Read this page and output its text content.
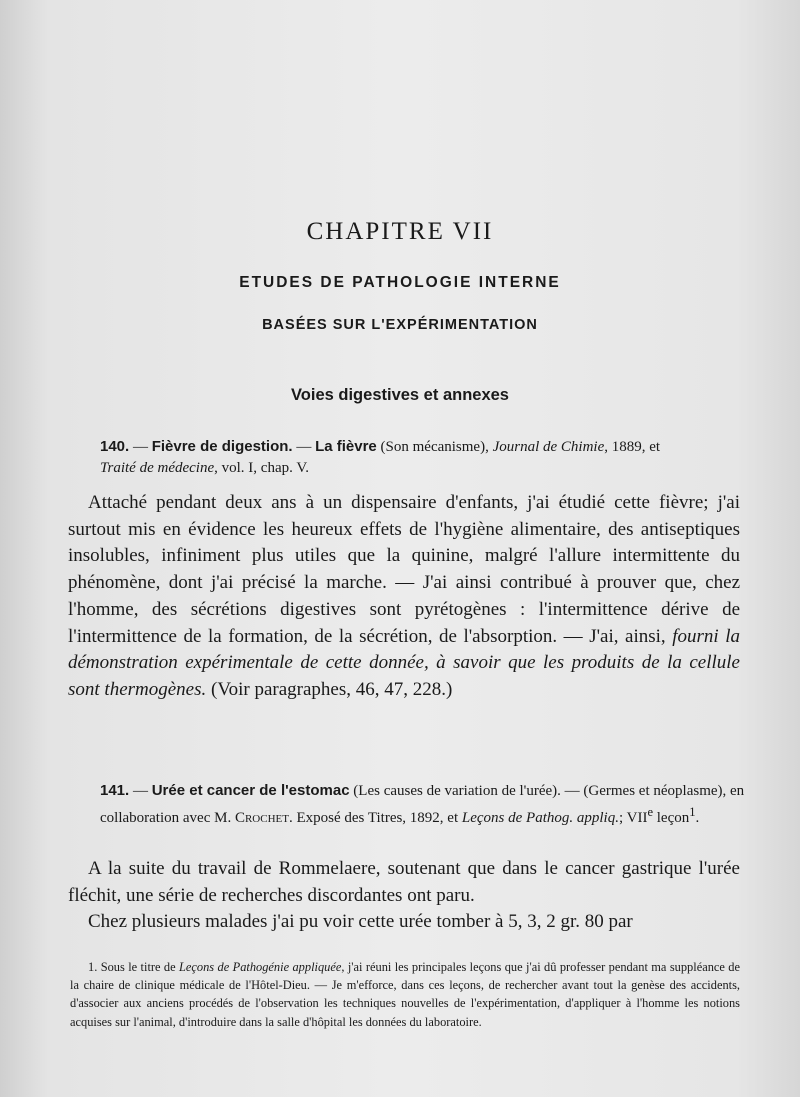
CHAPITRE VII
ETUDES DE PATHOLOGIE INTERNE
BASÉES SUR L'EXPÉRIMENTATION
Voies digestives et annexes
140. — Fièvre de digestion. — La fièvre (Son mécanisme), Journal de Chimie, 1889, et
Traité de médecine, vol. I, chap. V.
Attaché pendant deux ans à un dispensaire d'enfants, j'ai étudié cette fièvre; j'ai surtout mis en évidence les heureux effets de l'hygiène alimentaire, des antiseptiques insolubles, infiniment plus utiles que la quinine, malgré l'allure intermittente du phénomène, dont j'ai précisé la marche. — J'ai ainsi contribué à prouver que, chez l'homme, des sécrétions digestives sont pyrétogènes : l'intermittence dérive de l'intermittence de la formation, de la sécrétion, de l'absorption. — J'ai, ainsi, fourni la démonstration expérimentale de cette donnée, à savoir que les produits de la cellule sont thermogènes. (Voir paragraphes, 46, 47, 228.)
141. — Urée et cancer de l'estomac (Les causes de variation de l'urée). — (Germes et néoplasme), en collaboration avec M. Crochet. Exposé des Titres, 1892, et Leçons de Pathog. appliq.; VIIe leçon$^1$.
A la suite du travail de Rommelaere, soutenant que dans le cancer gastrique l'urée fléchit, une série de recherches discordantes ont paru.
Chez plusieurs malades j'ai pu voir cette urée tomber à 5, 3, 2 gr. 80 par
1. Sous le titre de Leçons de Pathogénie appliquée, j'ai réuni les principales leçons que j'ai dû professer pendant ma suppléance de la chaire de clinique médicale de l'Hôtel-Dieu. — Je m'efforce, dans ces leçons, de rechercher avant tout la genèse des accidents, d'associer aux anciens procédés de l'observation les techniques nouvelles de l'expérimentation, d'appliquer à l'homme les notions acquises sur l'animal, d'introduire dans la salle d'hôpital les données du laboratoire.
